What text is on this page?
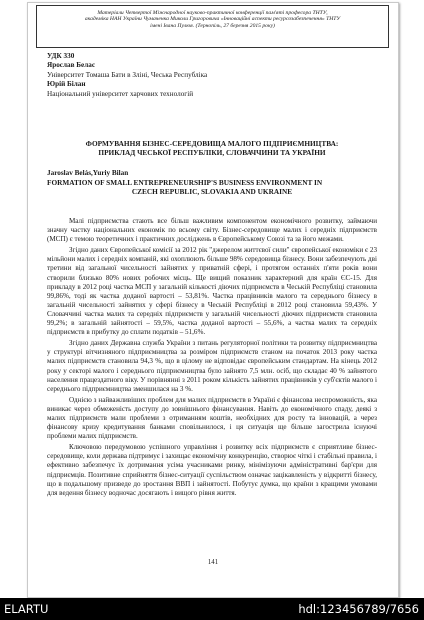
Матеріали Четвертої Міжнародної науково-практичної конференції пам'яті професора ТНТУ,
академіка НАН України Чумаченка Миколи Григоровича «Інноваційні аспекти ресурсозабезпечення» ТНТУ
імені Івана Пулюя. (Тернопіль, 27 березня 2015 року)
УДК 330
Ярослав Белас
Університет Томаша Бати в Зліні, Чеська Республіка
Юрій Білан
Національний університет харчових технологій
ФОРМУВАННЯ БІЗНЕС-СЕРЕДОВИЩА МАЛОГО ПІДПРИЄМНИЦТВА:
ПРИКЛАД ЧЕСЬКОЇ РЕСПУБЛІКИ, СЛОВАЧЧИНИ ТА УКРАЇНИ
Jaroslav Belás,Yuriy Bilan
FORMATION OF SMALL ENTREPRENEURSHIP'S BUSINESS ENVIRONMENT IN
CZECH REPUBLIC, SLOVAKIA AND UKRAINE

Малі підприємства стають все більш важливим компонентом економічного розвитку, займаючи значну частку національних економік по всьому світу. Бізнес-середовище малих і середніх підприємств (МСП) є темою теоретичних і практичних досліджень в Європейському Союзі та за його межами.

Згідно даних Європейської комісії за 2012 рік "джерелом життєвої сили" європейської економіки є 23 мільйони малих і середніх компаній, які охоплюють більше 98% середовища бізнесу. Вони забезпечують дві третини від загальної чисельності зайнятих у приватній сфері, і протягом останніх п'яти років вони створили близько 80% нових робочих місць. Ще вищий показник характерний для країн ЄС-15. Для прикладу в 2012 році частка МСП у загальній кількості діючих підприємств в Чеській Республіці становила 99,86%, тоді як частка доданої вартості – 53,81%. Частка працівників малого та середнього бізнесу в загальній чисельності зайнятих у сфері бізнесу в Чеській Республіці в 2012 році становила 59,43%. У Словаччині частка малих та середніх підприємств у загальній чисельності діючих підприємств становила 99,2%; в загальній зайнятості – 59,5%, частка доданої вартості – 55,6%, а частка малих та середніх підприємств в прибутку до сплати податків – 51,6%.

Згідно даних Державна служба України з питань регуляторної політики та розвитку підприємництва у структурі вітчизняного підприємництва за розміром підприємств станом на початок 2013 року частка малих підприємств становила 94,3 %, що в цілому не відповідає європейським стандартам. На кінець 2012 року у секторі малого і середнього підприємництва було зайнято 7,5 млн. осіб, що складає 40 % зайнятого населення працездатного віку. У порівнянні з 2011 роком кількість зайнятих працівників у суб'єктів малого і середнього підприємництва зменшилася на 3 %.

Однією з найважливіших проблем для малих підприємств в Україні є фінансова неспроможність, яка виникає через обмеженість доступу до зовнішнього фінансування. Навіть до економічного спаду, деякі з малих підприємств мали проблеми з отриманням коштів, необхідних для росту та інновацій, а через фінансову кризу кредитування банками сповільнилося, і ця ситуація ще більше загострила існуючі проблеми малих підприємств.

Ключовою передумовою успішного управління і розвитку всіх підприємств є сприятливе бізнес-середовище, коли держава підтримує і захищає економічну конкуренцію, створює чіткі і стабільні правила, і ефективно забезпечує їх дотримання усіма учасниками ринку, мінімізуючи адміністративні бар'єри для підприємців. Позитивне сприйняття бізнес-ситуації суспільством означає зацікавленість у відкритті бізнесу, що в подальшому призведе до зростання ВВП і зайнятості. Побутує думка, що країни з кращими умовами для ведення бізнесу водночас досягають і вищого рівня життя.

141
ELARTU	hdl:123456789/7656
